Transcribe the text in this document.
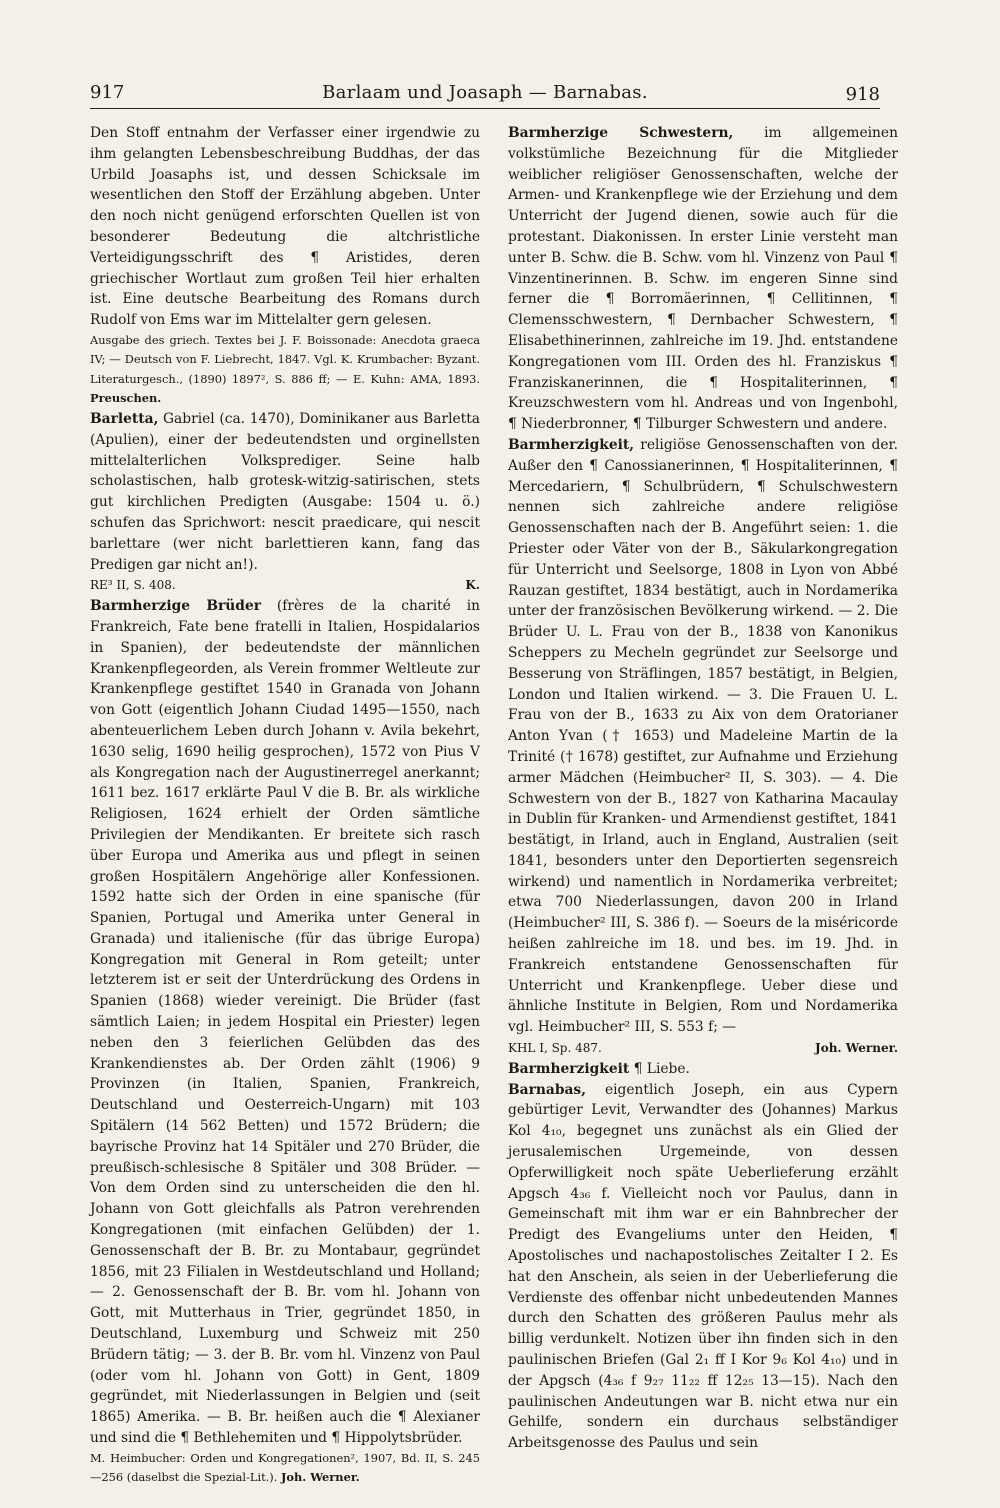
917	Barlaam und Joasaph — Barnabas.	918

Den Stoff entnahm der Verfasser einer irgendwie zu ihm gelangten Lebensbeschreibung Buddhas, der das Urbild Joasaphs ist, und dessen Schicksale im wesentlichen den Stoff der Erzählung abgeben. Unter den noch nicht genügend erforschten Quellen ist von besonderer Bedeutung die altchristliche Verteidigungsschrift des ¶ Aristides, deren griechischer Wortlaut zum großen Teil hier erhalten ist. Eine deutsche Bearbeitung des Romans durch Rudolf von Ems war im Mittelalter gern gelesen.

Ausgabe des griech. Textes bei J. F. Boissonade: Anecdota graeca IV; — Deutsch von F. Liebrecht, 1847. Vgl. K. Krumbacher: Byzant. Literaturgesch., (1890) 1897², S. 886 ff; — E. Kuhn: AMA, 1893. Preuschen.

Barletta, Gabriel (ca. 1470), Dominikaner aus Barletta (Apulien), einer der bedeutendsten und orginellsten mittelalterlichen Volksprediger. Seine halb scholastischen, halb grotesk-witzig-satirischen, stets gut kirchlichen Predigten (Ausgabe: 1504 u. ö.) schufen das Sprichwort: nescit praedicare, qui nescit barlettare (wer nicht barlettieren kann, fang das Predigen gar nicht an!).

RE³ II, S. 408.	K.

Barmherzige Brüder (frères de la charité in Frankreich, Fate bene fratelli in Italien, Hospidalarios in Spanien), der bedeutendste der männlichen Krankenpflegeorden, als Verein frommer Weltleute zur Krankenpflege gestiftet 1540 in Granada von Johann von Gott (eigentlich Johann Ciudad 1495—1550, nach abenteuerlichem Leben durch Johann v. Avila bekehrt, 1630 selig, 1690 heilig gesprochen), 1572 von Pius V als Kongregation nach der Augustinerregel anerkannt; 1611 bez. 1617 erklärte Paul V die B. Br. als wirkliche Religiosen, 1624 erhielt der Orden sämtliche Privilegien der Mendikanten. Er breitete sich rasch über Europa und Amerika aus und pflegt in seinen großen Hospitälern Angehörige aller Konfessionen. 1592 hatte sich der Orden in eine spanische (für Spanien, Portugal und Amerika unter General in Granada) und italienische (für das übrige Europa) Kongregation mit General in Rom geteilt; unter letzterem ist er seit der Unterdrückung des Ordens in Spanien (1868) wieder vereinigt. Die Brüder (fast sämtlich Laien; in jedem Hospital ein Priester) legen neben den 3 feierlichen Gelübden das des Krankendienstes ab. Der Orden zählt (1906) 9 Provinzen (in Italien, Spanien, Frankreich, Deutschland und Oesterreich-Ungarn) mit 103 Spitälern (14 562 Betten) und 1572 Brüdern; die bayrische Provinz hat 14 Spitäler und 270 Brüder, die preußisch-schlesische 8 Spitäler und 308 Brüder. — Von dem Orden sind zu unterscheiden die den hl. Johann von Gott gleichfalls als Patron verehrenden Kongregationen (mit einfachen Gelübden) der 1. Genossenschaft der B. Br. zu Montabaur, gegründet 1856, mit 23 Filialen in Westdeutschland und Holland; — 2. Genossenschaft der B. Br. vom hl. Johann von Gott, mit Mutterhaus in Trier, gegründet 1850, in Deutschland, Luxemburg und Schweiz mit 250 Brüdern tätig; — 3. der B. Br. vom hl. Vinzenz von Paul (oder vom hl. Johann von Gott) in Gent, 1809 gegründet, mit Niederlassungen in Belgien und (seit 1865) Amerika. — B. Br. heißen auch die ¶ Alexianer und sind die ¶ Bethlehemiten und ¶ Hippolytsbrüder.

M. Heimbucher: Orden und Kongregationen², 1907, Bd. II, S. 245—256 (daselbst die Spezial-Lit.). Joh. Werner.

Barmherzige Schwestern, im allgemeinen volkstümliche Bezeichnung für die Mitglieder weiblicher religiöser Genossenschaften, welche der Armen- und Krankenpflege wie der Erziehung und dem Unterricht der Jugend dienen, sowie auch für die protestant. Diakonissen. In erster Linie versteht man unter B. Schw. die B. Schw. vom hl. Vinzenz von Paul ¶ Vinzentinerinnen. B. Schw. im engeren Sinne sind ferner die ¶ Borromäerinnen, ¶ Cellitinnen, ¶ Clemensschwestern, ¶ Dernbacher Schwestern, ¶ Elisabethinerinnen, zahlreiche im 19. Jhd. entstandene Kongregationen vom III. Orden des hl. Franziskus ¶ Franziskanerinnen, die ¶ Hospitaliterinnen, ¶ Kreuzschwestern vom hl. Andreas und von Ingenbohl, ¶ Niederbronner, ¶ Tilburger Schwestern und andere.

Barmherzigkeit, religiöse Genossenschaften von der. Außer den ¶ Canossianerinnen, ¶ Hospitaliterinnen, ¶ Mercedariern, ¶ Schulbrüdern, ¶ Schulschwestern nennen sich zahlreiche andere religiöse Genossenschaften nach der B. Angeführt seien: 1. die Priester oder Väter von der B., Säkularkongregation für Unterricht und Seelsorge, 1808 in Lyon von Abbé Rauzan gestiftet, 1834 bestätigt, auch in Nordamerika unter der französischen Bevölkerung wirkend. — 2. Die Brüder U. L. Frau von der B., 1838 von Kanonikus Scheppers zu Mecheln gegründet zur Seelsorge und Besserung von Sträflingen, 1857 bestätigt, in Belgien, London und Italien wirkend. — 3. Die Frauen U. L. Frau von der B., 1633 zu Aix von dem Oratorianer Anton Yvan († 1653) und Madeleine Martin de la Trinité († 1678) gestiftet, zur Aufnahme und Erziehung armer Mädchen (Heimbucher² II, S. 303). — 4. Die Schwestern von der B., 1827 von Katharina Macaulay in Dublin für Kranken- und Armendienst gestiftet, 1841 bestätigt, in Irland, auch in England, Australien (seit 1841, besonders unter den Deportierten segensreich wirkend) und namentlich in Nordamerika verbreitet; etwa 700 Niederlassungen, davon 200 in Irland (Heimbucher² III, S. 386 f). — Soeurs de la miséricorde heißen zahlreiche im 18. und bes. im 19. Jhd. in Frankreich entstandene Genossenschaften für Unterricht und Krankenpflege. Ueber diese und ähnliche Institute in Belgien, Rom und Nordamerika vgl. Heimbucher² III, S. 553 f; —

KHL I, Sp. 487.	Joh. Werner.

Barmherzigkeit ¶ Liebe.

Barnabas, eigentlich Joseph, ein aus Cypern gebürtiger Levit, Verwandter des (Johannes) Markus Kol 4₁₀, begegnet uns zunächst als ein Glied der jerusalemischen Urgemeinde, von dessen Opferwilligkeit noch späte Ueberlieferung erzählt Apgsch 4₃₆ f. Vielleicht noch vor Paulus, dann in Gemeinschaft mit ihm war er ein Bahnbrecher der Predigt des Evangeliums unter den Heiden, ¶ Apostolisches und nachapostolisches Zeitalter I 2. Es hat den Anschein, als seien in der Ueberlieferung die Verdienste des offenbar nicht unbedeutenden Mannes durch den Schatten des größeren Paulus mehr als billig verdunkelt. Notizen über ihn finden sich in den paulinischen Briefen (Gal 2₁ ff I Kor 9₆ Kol 4₁₀) und in der Apgsch (4₃₆ f 9₂₇ 11₂₂ ff 12₂₅ 13—15). Nach den paulinischen Andeutungen war B. nicht etwa nur ein Gehilfe, sondern ein durchaus selbständiger Arbeitsgenosse des Paulus und sein
